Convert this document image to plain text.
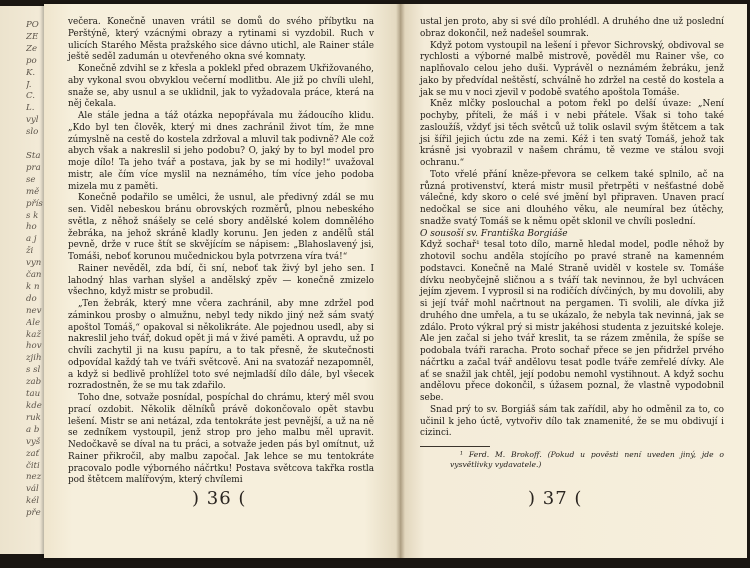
PO
ZE
Ze
po
K.
J.
C.
L.
vyl
slo

Sta
pra
se
mě
přís
s k
ho
a j
ži
vyn
čan
k n
do
nev
Ale
kaž
hov
zjih
s sl
zab
tau
kde
ruk
a b
vyš
zať
čiti
nez
vál
kél
pře

večera. Konečně unaven vrátil se domů do svého příbytku na Perštýně, který vzácnými obrazy a rytinami si vyzdobil. Ruch v ulicích Starého Města pražského sice dávno utichl, ale Rainer stále ještě seděl zadumán u otevřeného okna své komnaty.

Konečně zdvihl se z křesla a poklekl před obrazem Ukřižovaného, aby vykonal svou obvyklou večerní modlitbu. Ale již po chvíli ulehl, snaže se, aby usnul a se uklidnil, jak to vyžadovala práce, která na něj čekala.

Ale stále jedna a táž otázka nepopřávala mu žádoucího klidu. „Kdo byl ten člověk, který mi dnes zachránil život tím, že mne zúmyslně na cestě do kostela zdržoval a mluvil tak podivně? Ale což abych však a nakreslil si jeho podobu? O, jaký by to byl model pro moje dílo! Ta jeho tvář a postava, jak by se mi hodily!“ uvažoval mistr, ale čím více myslil na neznámého, tím více jeho podoba mizela mu z paměti.

Konečně podařilo se umělci, že usnul, ale předivný zdál se mu sen. Viděl nebeskou bránu obrovských rozměrů, plnou nebeského světla, z něhož snášely se celé sbory andělské kolem domnělého žebráka, na jehož skráně kladly korunu. Jen jeden z andělů stál pevně, drže v ruce štít se skvějícím se nápisem: „Blahoslavený jsi, Tomáši, neboť korunou mučednickou byla potvrzena víra tvá!“

Rainer nevěděl, zda bdí, či sní, neboť tak živý byl jeho sen. I lahodný hlas varhan slyšel a andělský zpěv — konečně zmizelo všechno, když mistr se probudil.

„Ten žebrák, který mne včera zachránil, aby mne zdržel pod záminkou prosby o almužnu, nebyl tedy nikdo jiný než sám svatý apoštol Tomáš,“ opakoval si několikráte. Ale pojednou usedl, aby si nakreslil jeho tvář, dokud opět ji má v živé paměti. A opravdu, už po chvíli zachytil ji na kusu papíru, a to tak přesně, že skutečnosti odpovídal každý tah ve tváři světcově. Ani na svatozář nezapomněl, a když si bedlivě prohlížel toto své nejmladší dílo dále, byl všecek rozradostněn, že se mu tak zdařilo.

Toho dne, sotvaže posnídal, pospíchal do chrámu, který měl svou prací ozdobit. Několik dělníků právě dokončovalo opět stavbu lešení. Mistr se ani netázal, zda tentokráte jest pevnější, a už na ně se zedníkem vystoupil, jenž strop pro jeho malbu měl upravit. Nedočkavě se díval na tu práci, a sotvaže jeden pás byl omítnut, už Rainer přikročil, aby malbu započal. Jak lehce se mu tentokráte pracovalo podle výborného náčrtku! Postava světcova takřka rostla pod štětcem malířovým, který chvílemi

) 36 (

ustal jen proto, aby si své dílo prohlédl. A druhého dne už poslední obraz dokončil, než nadešel soumrak.

Když potom vystoupil na lešení i převor Sichrovský, obdivoval se rychlosti a výborné malbě mistrově, pověděl mu Rainer vše, co naplňovalo celou jeho duši. Vyprávěl o neznámém žebráku, jenž jako by předvídal neštěstí, schválně ho zdržel na cestě do kostela a jak se mu v noci zjevil v podobě svatého apoštola Tomáše.

Kněz mlčky poslouchal a potom řekl po delší úvaze: „Není pochyby, příteli, že máš i v nebi přátele. Však si toho také zasloužíš, vždyť jsi těch světců už tolik oslavil svým štětcem a tak jsi šířil jejich úctu zde na zemi. Kéž i ten svatý Tomáš, jehož tak krásně jsi vyobrazil v našem chrámu, tě vezme ve stálou svoji ochranu.“

Toto vřelé přání kněze-převora se celkem také splnilo, ač na různá protivenství, která mistr musil přetrpěti v nešťastné době válečné, kdy skoro o celé své jmění byl připraven. Unaven prací nedočkal se sice ani dlouhého věku, ale neumíral bez útěchy, snadže svatý Tomáš se k němu opět sklonil ve chvíli poslední.

O sousoší sv. Františka Borgiáše

Když sochař¹ tesal toto dílo, marně hledal model, podle něhož by zhotovil sochu anděla stojícího po pravé straně na kamenném podstavci. Konečně na Malé Straně uviděl v kostele sv. Tomáše dívku neobyčejně sličnou a s tváří tak nevinnou, že byl uchvácen jejím zjevem. I vyprosil si na rodičích dívčiných, by mu dovolili, aby si její tvář mohl načrtnout na pergamen. Ti svolili, ale dívka již druhého dne umřela, a tu se ukázalo, že nebyla tak nevinná, jak se zdálo. Proto výkral prý si mistr jakéhosi studenta z jezuitské koleje. Ale jen začal si jeho tvář kreslit, ta se rázem změnila, že spíše se podobala tváři raracha. Proto sochař přece se jen přidržel prvého náčrtku a začal tvář andělovu tesat podle tváře zemřelé dívky. Ale ať se snažil jak chtěl, její podobu nemohl vystihnout. A když sochu andělovu přece dokončil, s úžasem poznal, že vlastně vypodobnil sebe.

Snad prý to sv. Borgiáš sám tak zařídil, aby ho odměnil za to, co učinil k jeho úctě, vytvořiv dílo tak znamenité, že se mu obdivují i cizinci.

¹ Ferd. M. Brokoff. (Pokud u pověsti není uveden jiný, jde o vysvětlivky vydavatele.)

) 37 (
